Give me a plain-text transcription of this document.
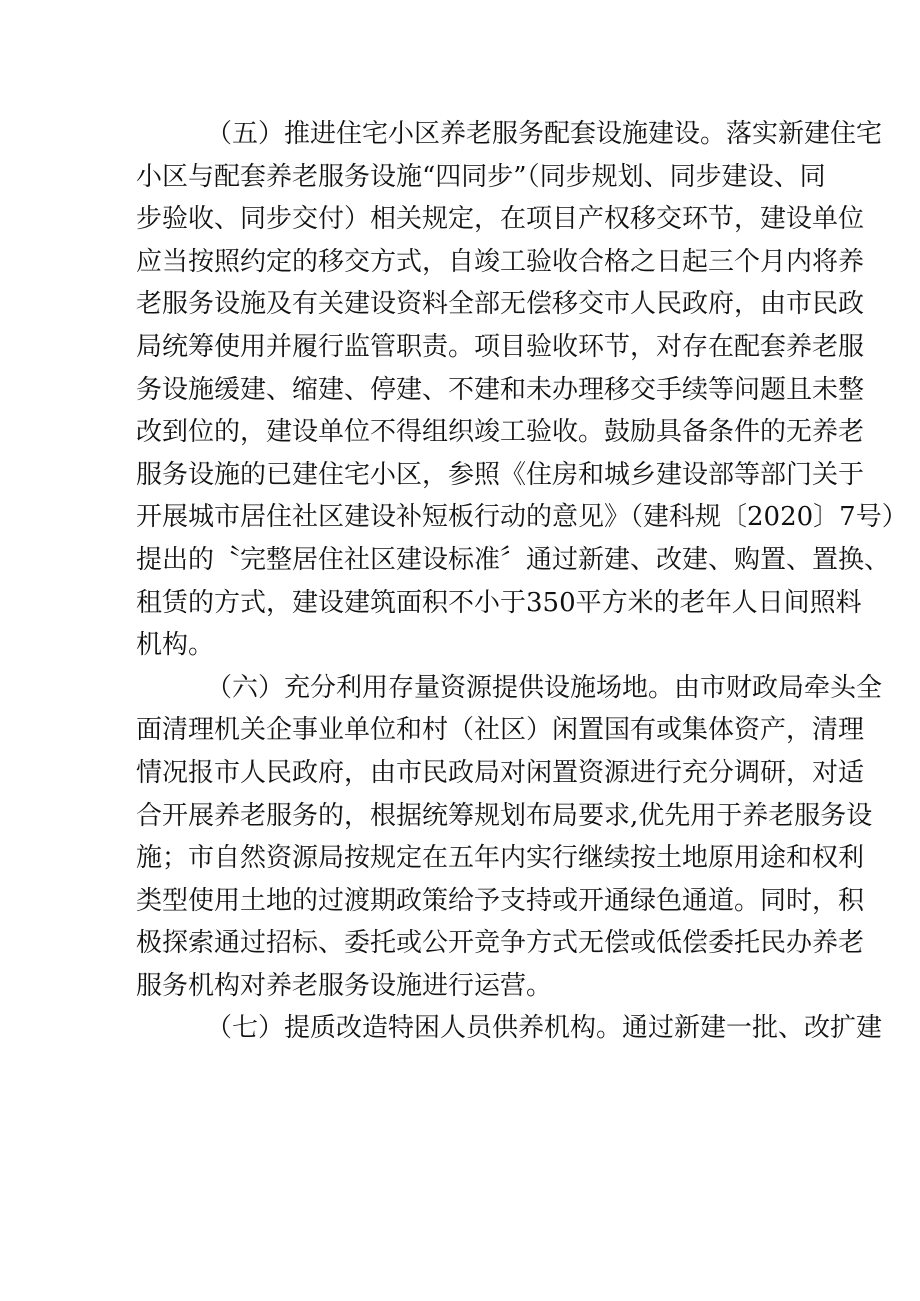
（五）推进住宅小区养老服务配套设施建设。落实新建住宅
小区与配套养老服务设施“四同步”（同步规划、同步建设、同
步验收、同步交付）相关规定，在项目产权移交环节，建设单位
应当按照约定的移交方式，自竣工验收合格之日起三个月内将养
老服务设施及有关建设资料全部无偿移交市人民政府，由市民政
局统筹使用并履行监管职责。项目验收环节，对存在配套养老服
务设施缓建、缩建、停建、不建和未办理移交手续等问题且未整
改到位的，建设单位不得组织竣工验收。鼓励具备条件的无养老
服务设施的已建住宅小区，参照《住房和城乡建设部等部门关于
开展城市居住社区建设补短板行动的意见》（建科规〔2020〕7号）
提出的〝完整居住社区建设标准〞通过新建、改建、购置、置换、
租赁的方式，建设建筑面积不小于350平方米的老年人日间照料
机构。
（六）充分利用存量资源提供设施场地。由市财政局牵头全
面清理机关企事业单位和村（社区）闲置国有或集体资产，清理
情况报市人民政府，由市民政局对闲置资源进行充分调研，对适
合开展养老服务的，根据统筹规划布局要求,优先用于养老服务设
施；市自然资源局按规定在五年内实行继续按土地原用途和权利
类型使用土地的过渡期政策给予支持或开通绿色通道。同时，积
极探索通过招标、委托或公开竞争方式无偿或低偿委托民办养老
服务机构对养老服务设施进行运营。
（七）提质改造特困人员供养机构。通过新建一批、改扩建
